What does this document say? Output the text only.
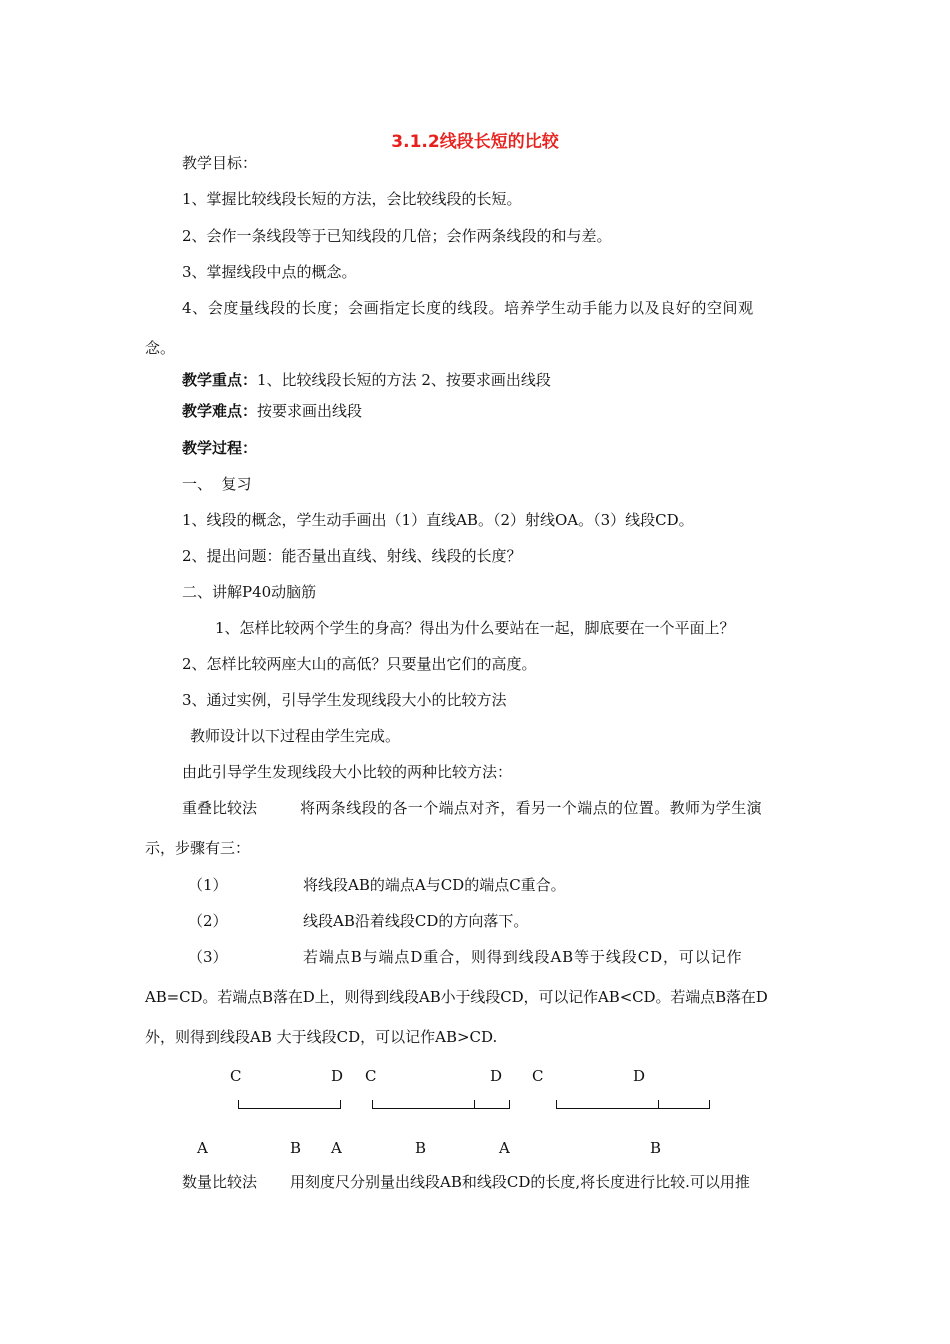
3.1.2线段长短的比较
教学目标：
1、掌握比较线段长短的方法，会比较线段的长短。
2、会作一条线段等于已知线段的几倍；会作两条线段的和与差。
3、掌握线段中点的概念。
4、会度量线段的长度；会画指定长度的线段。培养学生动手能力以及良好的空间观
念。
教学重点：1、比较线段长短的方法 2、按要求画出线段
教学难点：按要求画出线段
教学过程：
一、  复习
1、线段的概念，学生动手画出（1）直线AB。（2）射线OA。（3）线段CD。
2、提出问题：能否量出直线、射线、线段的长度？
二、讲解P40动脑筋
1、怎样比较两个学生的身高？得出为什么要站在一起，脚底要在一个平面上？
2、怎样比较两座大山的高低？只要量出它们的高度。
3、通过实例，引导学生发现线段大小的比较方法
教师设计以下过程由学生完成。
由此引导学生发现线段大小比较的两种比较方法：
重叠比较法	将两条线段的各一个端点对齐，看另一个端点的位置。教师为学生演
示，步骤有三：
（1）	将线段AB的端点A与CD的端点C重合。
（2）	线段AB沿着线段CD的方向落下。
（3）	若端点B与端点D重合，则得到线段AB等于线段CD，可以记作
AB=CD。若端点B落在D上，则得到线段AB小于线段CD，可以记作AB<CD。若端点B落在D
外，则得到线段AB 大于线段CD，可以记作AB>CD.
C	D
A	B
C	D
A	B
C	D
A	B
数量比较法 用刻度尺分别量出线段AB和线段CD的长度,将长度进行比较.可以用推
